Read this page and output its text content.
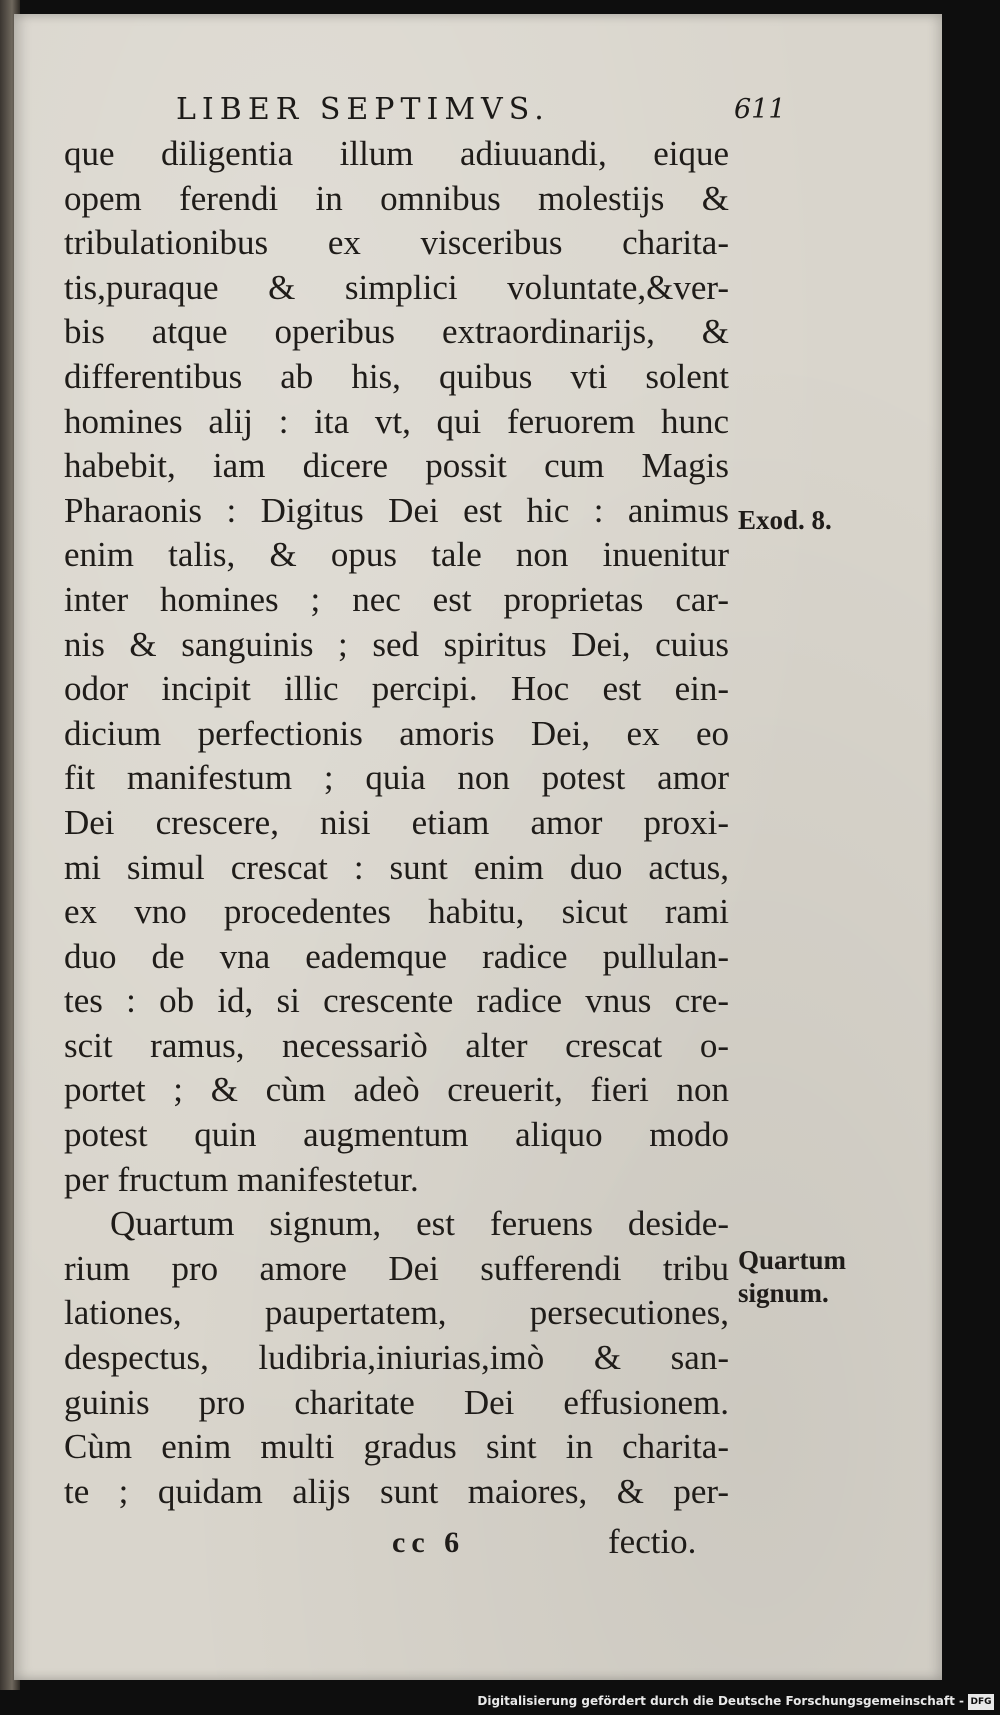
LIBER SEPTIMVS.	611
que diligentia illum adiuuandi, eique
opem ferendi in omnibus molestijs &
tribulationibus ex visceribus charita-
tis,puraque & simplici voluntate,&ver-
bis atque operibus extraordinarijs, &
differentibus ab his, quibus vti solent
homines alij : ita vt, qui feruorem hunc
habebit, iam dicere possit cum Magis
Pharaonis : Digitus Dei est hic : animus
enim talis, & opus tale non inuenitur
inter homines ; nec est proprietas car-
nis & sanguinis ; sed spiritus Dei, cuius
odor incipit illic percipi. Hoc est ein-
dicium perfectionis amoris Dei, ex eo
fit manifestum ; quia non potest amor
Dei crescere, nisi etiam amor proxi-
mi simul crescat : sunt enim duo actus,
ex vno procedentes habitu, sicut rami
duo de vna eademque radice pullulan-
tes : ob id, si crescente radice vnus cre-
scit ramus, necessariò alter crescat o-
portet ; & cùm adeò creuerit, fieri non
potest quin augmentum aliquo modo
per fructum manifestetur.
Quartum signum, est feruens deside-
rium pro amore Dei sufferendi tribu
lationes, paupertatem, persecutiones,
despectus, ludibria,iniurias,imò & san-
guinis pro charitate Dei effusionem.
Cùm enim multi gradus sint in charita-
te ; quidam alijs sunt maiores, & per-
Exod. 8.
Quartum
signum.
cc 6	fectio.
Digitalisierung gefördert durch die Deutsche Forschungsgemeinschaft - DFG
